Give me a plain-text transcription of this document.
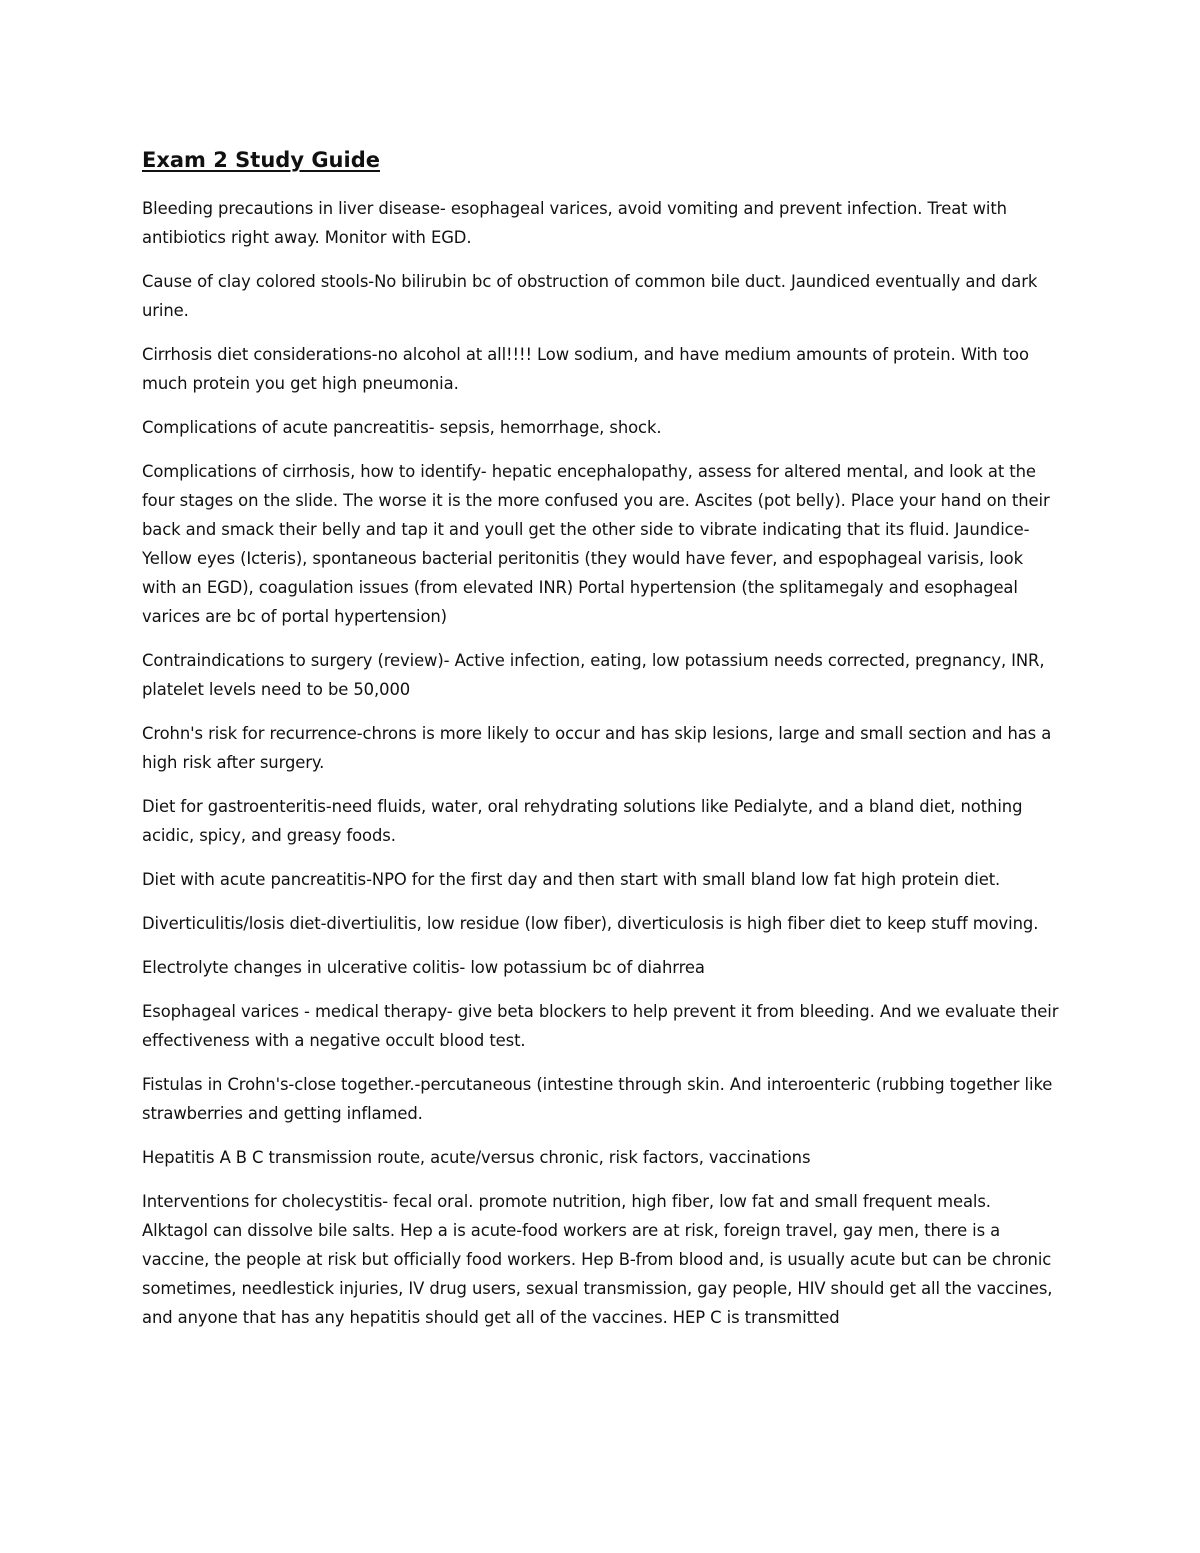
Exam 2 Study Guide

Bleeding precautions in liver disease- esophageal varices, avoid vomiting and prevent infection. Treat with antibiotics right away. Monitor with EGD.

Cause of clay colored stools-No bilirubin bc of obstruction of common bile duct. Jaundiced eventually and dark urine.

Cirrhosis diet considerations-no alcohol at all!!!! Low sodium, and have medium amounts of protein. With too much protein you get high pneumonia.

Complications of acute pancreatitis- sepsis, hemorrhage, shock.

Complications of cirrhosis, how to identify- hepatic encephalopathy, assess for altered mental, and look at the four stages on the slide. The worse it is the more confused you are. Ascites (pot belly). Place your hand on their back and smack their belly and tap it and youll get the other side to vibrate indicating that its fluid. Jaundice-Yellow eyes (Icteris), spontaneous bacterial peritonitis (they would have fever, and espophageal varisis, look with an EGD), coagulation issues (from elevated INR) Portal hypertension (the splitamegaly and esophageal varices are bc of portal hypertension)

Contraindications to surgery (review)- Active infection, eating, low potassium needs corrected, pregnancy, INR, platelet levels need to be 50,000

Crohn's risk for recurrence-chrons is more likely to occur and has skip lesions, large and small section and has a high risk after surgery.

Diet for gastroenteritis-need fluids, water, oral rehydrating solutions like Pedialyte, and a bland diet, nothing acidic, spicy, and greasy foods.

Diet with acute pancreatitis-NPO for the first day and then start with small bland low fat high protein diet.

Diverticulitis/losis diet-divertiulitis, low residue (low fiber), diverticulosis is high fiber diet to keep stuff moving.

Electrolyte changes in ulcerative colitis- low potassium bc of diahrrea

Esophageal varices - medical therapy- give beta blockers to help prevent it from bleeding. And we evaluate their effectiveness with a negative occult blood test.

Fistulas in Crohn's-close together.-percutaneous (intestine through skin. And interoenteric (rubbing together like strawberries and getting inflamed.

Hepatitis A B C transmission route, acute/versus chronic, risk factors, vaccinations

Interventions for cholecystitis- fecal oral. promote nutrition, high fiber, low fat and small frequent meals. Alktagol can dissolve bile salts. Hep a is acute-food workers are at risk, foreign travel, gay men, there is a vaccine, the people at risk but officially food workers. Hep B-from blood and, is usually acute but can be chronic sometimes, needlestick injuries, IV drug users, sexual transmission, gay people, HIV should get all the vaccines, and anyone that has any hepatitis should get all of the vaccines. HEP C is transmitted
